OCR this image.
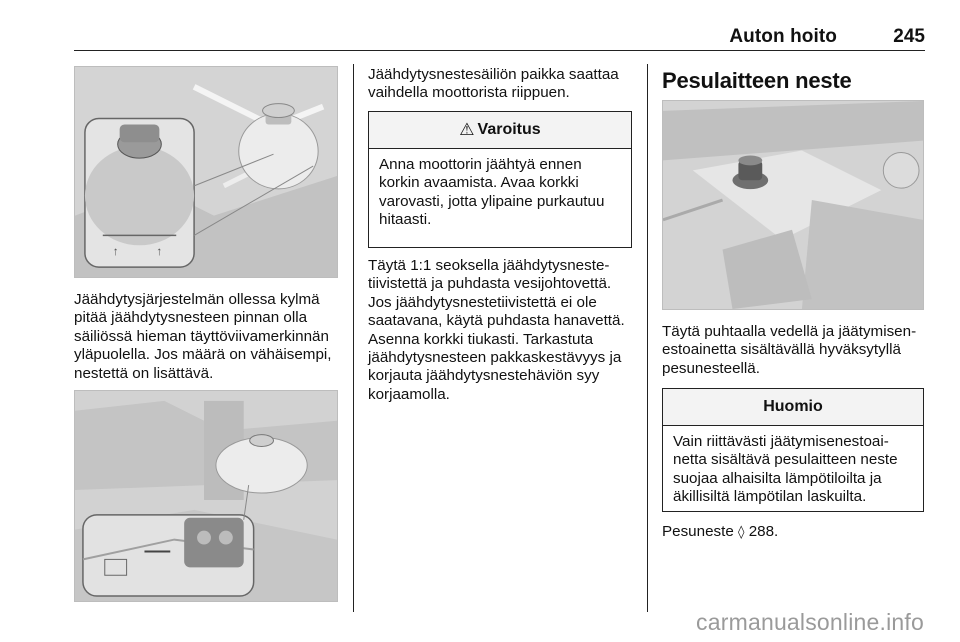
Auton hoito	245
↑	↑
Jäähdytysjärjestelmän ollessa kylmä pitää jäähdytysnesteen pinnan olla säiliössä hieman täyttöviivamerkinnän yläpuolella. Jos määrä on vähäisempi, nestettä on lisättävä.
Jäähdytysnestesäiliön paikka saattaa vaihdella moottorista riippuen.
⚠ Varoitus
Anna moottorin jäähtyä ennen korkin avaamista. Avaa korkki varovasti, jotta ylipaine purkautuu hitaasti.
Täytä 1:1 seoksella jäähdytysnestetiivistettä ja puhdasta vesijohtovettä. Jos jäähdytysnestetiivistettä ei ole saatavana, käytä puhdasta hanavettä. Asenna korkki tiukasti. Tarkastuta jäähdytysnesteen pakkaskestävyys ja korjauta jäähdytysnestehäviön syy korjaamolla.
Pesulaitteen neste
Täytä puhtaalla vedellä ja jäätymisenestoainetta sisältävällä hyväksytyllä pesunesteellä.
Huomio
Vain riittävästi jäätymisenestoainetta sisältävä pesulaitteen neste suojaa alhaisilta lämpötiloilta ja äkillisiltä lämpötilan laskuilta.
Pesuneste ◊ 288.
carmanualsonline.info
